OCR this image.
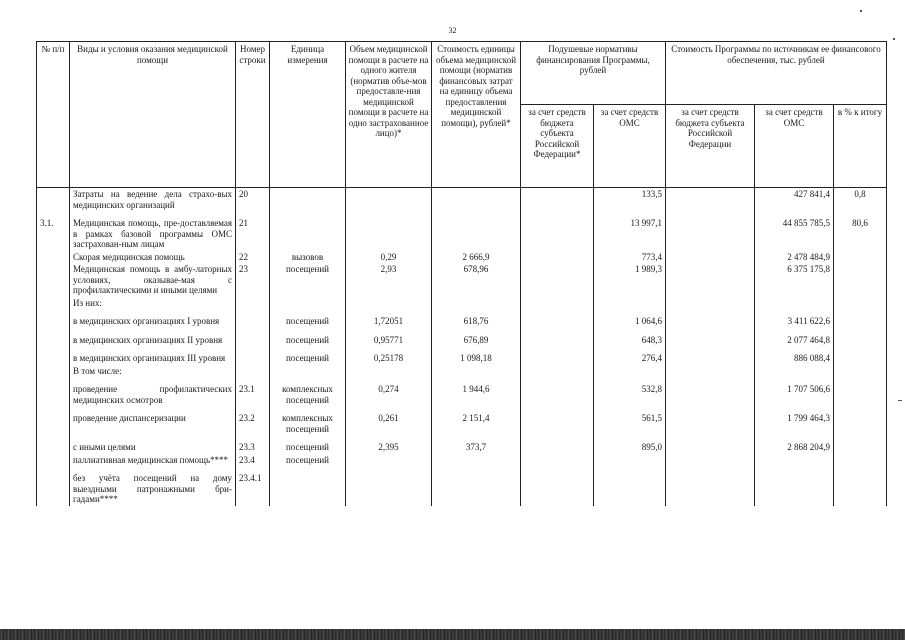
32
№ п/п	Виды и условия оказания медицинской помощи	Номер строки	Единица измерения	Объем медицинской помощи в расчете на одного жителя (норматив объе-мов предоставле-ния медицинской помощи в расчете на одно застрахованное лицо)*	Стоимость единицы объема медицинской помощи (норматив финансовых затрат на единицу объема предоставления медицинской помощи), рублей*	Подушевые нормативы финансирования Программы, рублей		Стоимость Программы по источникам ее финансового обеспечения, тыс. рублей		
						за счет средств бюджета субъекта Российской Федерации*	за счет средств ОМС	за счет средств бюджета субъекта Российской Федерации	за счет средств ОМС	в % к итогу
	Затраты на ведение дела страхо-вых медицинских организаций	20					133,5		427 841,4	0,8
3.1.	Медицинская помощь, пре-доставляемая в рамках базовой программы ОМС застрахован-ным лицам	21					13 997,1		44 855 785,5	80,6
	Скорая медицинская помощь	22	вызовов	0,29	2 666,9		773,4		2 478 484,9	
	Медицинская помощь в амбу-латорных условиях, оказывае-мая с профилактическими и иными целями	23	посещений	2,93	678,96		1 989,3		6 375 175,8	
	Из них:									
	в медицинских организациях I уровня		посещений	1,72051	618,76		1 064,6		3 411 622,6	
	в медицинских организациях II уровня		посещений	0,95771	676,89		648,3		2 077 464,8	
	в медицинских организациях III уровня		посещений	0,25178	1 098,18		276,4		886 088,4	
	В том числе:									
	проведение профилактических медицинских осмотров	23.1	комплексных посещений	0,274	1 944,6		532,8		1 707 506,6	
	проведение диспансеризации	23.2	комплексных посещений	0,261	2 151,4		561,5		1 799 464,3	
	с иными целями	23.3	посещений	2,395	373,7		895,0		2 868 204,9	
	паллиативная медицинская помощь****	23.4	посещений							
	без учёта посещений на дому выездными патронажными бри-гадами****	23.4.1								
